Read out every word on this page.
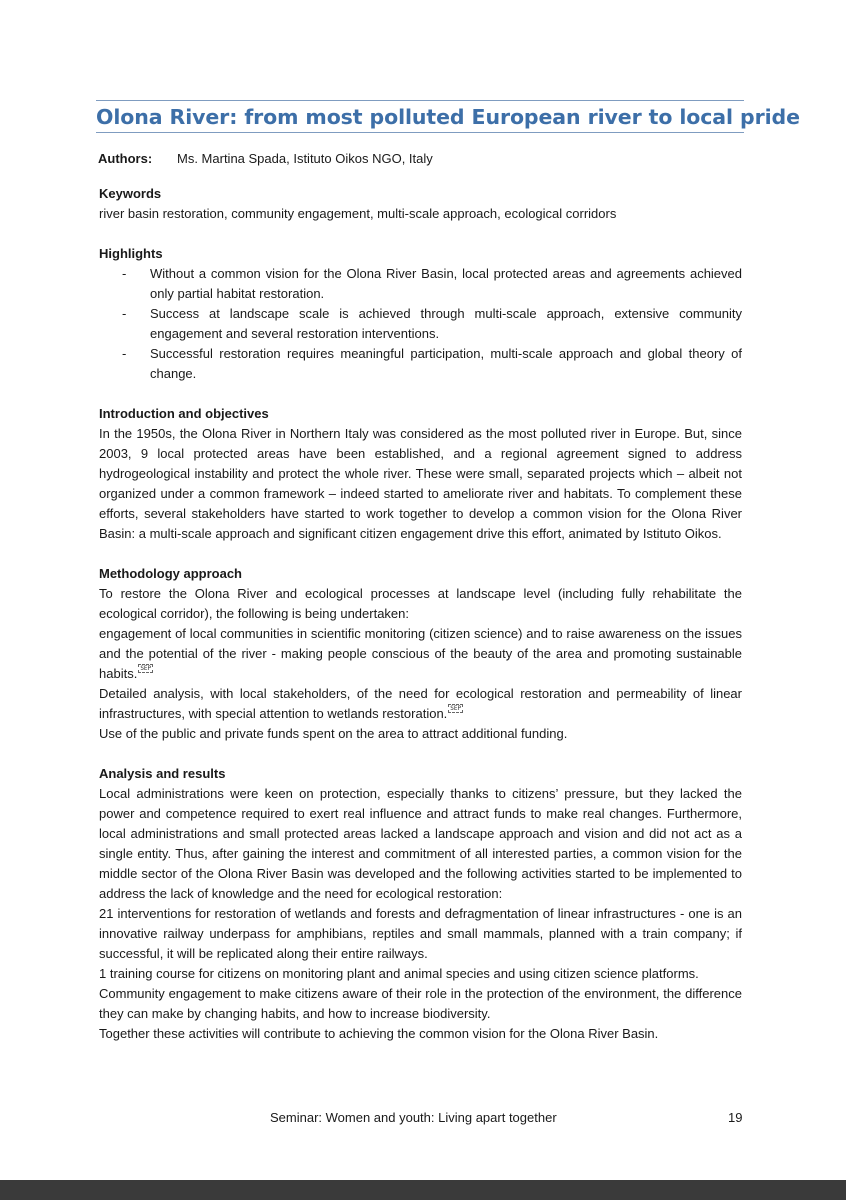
Olona River: from most polluted European river to local pride
Authors: Ms. Martina Spada, Istituto Oikos NGO, Italy

Keywords

river basin restoration, community engagement, multi-scale approach, ecological corridors

Highlights

- Without a common vision for the Olona River Basin, local protected areas and agreements achieved only partial habitat restoration.
- Success at landscape scale is achieved through multi-scale approach, extensive community engagement and several restoration interventions.
- Successful restoration requires meaningful participation, multi-scale approach and global theory of change.

Introduction and objectives

In the 1950s, the Olona River in Northern Italy was considered as the most polluted river in Europe. But, since 2003, 9 local protected areas have been established, and a regional agreement signed to address hydrogeological instability and protect the whole river. These were small, separated projects which – albeit not organized under a common framework – indeed started to ameliorate river and habitats. To complement these efforts, several stakeholders have started to work together to develop a common vision for the Olona River Basin: a multi-scale approach and significant citizen engagement drive this effort, animated by Istituto Oikos.

Methodology approach

To restore the Olona River and ecological processes at landscape level (including fully rehabilitate the ecological corridor), the following is being undertaken:

engagement of local communities in scientific monitoring (citizen science) and to raise awareness on the issues and the potential of the river - making people conscious of the beauty of the area and promoting sustainable habits. SEP

Detailed analysis, with local stakeholders, of the need for ecological restoration and permeability of linear infrastructures, with special attention to wetlands restoration. SEP

Use of the public and private funds spent on the area to attract additional funding.

Analysis and results

Local administrations were keen on protection, especially thanks to citizens’ pressure, but they lacked the power and competence required to exert real influence and attract funds to make real changes. Furthermore, local administrations and small protected areas lacked a landscape approach and vision and did not act as a single entity. Thus, after gaining the interest and commitment of all interested parties, a common vision for the middle sector of the Olona River Basin was developed and the following activities started to be implemented to address the lack of knowledge and the need for ecological restoration:

21 interventions for restoration of wetlands and forests and defragmentation of linear infrastructures - one is an innovative railway underpass for amphibians, reptiles and small mammals, planned with a train company; if successful, it will be replicated along their entire railways.

1 training course for citizens on monitoring plant and animal species and using citizen science platforms.

Community engagement to make citizens aware of their role in the protection of the environment, the difference they can make by changing habits, and how to increase biodiversity.

Together these activities will contribute to achieving the common vision for the Olona River Basin.

Seminar: Women and youth: Living apart together	19
